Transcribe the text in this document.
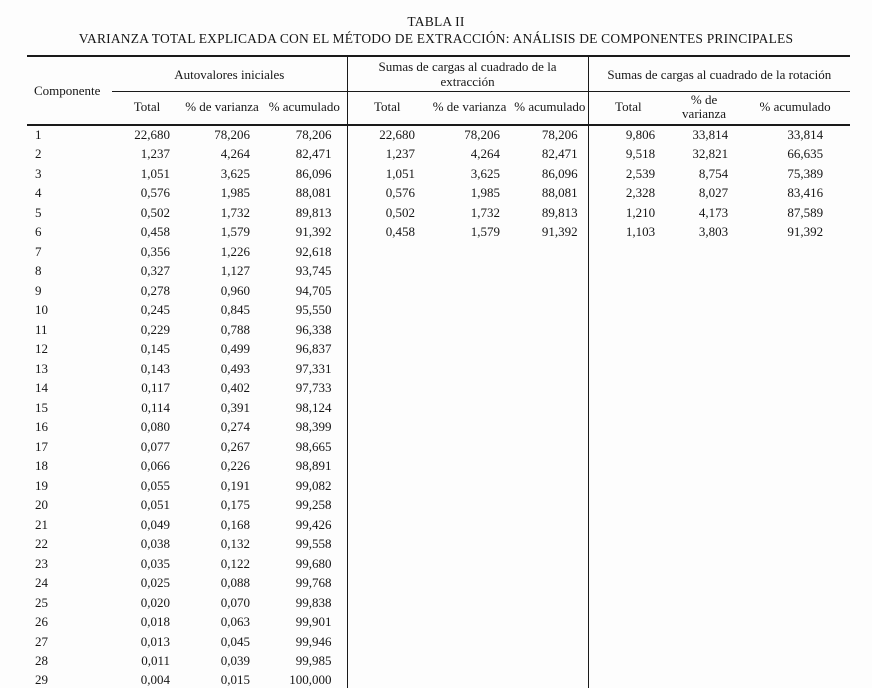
TABLA II
VARIANZA TOTAL EXPLICADA CON EL MÉTODO DE EXTRACCIÓN: ANÁLISIS DE COMPONENTES PRINCIPALES
Componente	Autovalores iniciales			Sumas de cargas al cuadrado de la extracción			Sumas de cargas al cuadrado de la rotación		
	Total	% de varianza	% acumulado	Total	% de varianza	% acumulado	Total	% de varianza	% acumulado
1	22,680	78,206	78,206	22,680	78,206	78,206	9,806	33,814	33,814
2	1,237	4,264	82,471	1,237	4,264	82,471	9,518	32,821	66,635
3	1,051	3,625	86,096	1,051	3,625	86,096	2,539	8,754	75,389
4	0,576	1,985	88,081	0,576	1,985	88,081	2,328	8,027	83,416
5	0,502	1,732	89,813	0,502	1,732	89,813	1,210	4,173	87,589
6	0,458	1,579	91,392	0,458	1,579	91,392	1,103	3,803	91,392
7	0,356	1,226	92,618						
8	0,327	1,127	93,745						
9	0,278	0,960	94,705						
10	0,245	0,845	95,550						
11	0,229	0,788	96,338						
12	0,145	0,499	96,837						
13	0,143	0,493	97,331						
14	0,117	0,402	97,733						
15	0,114	0,391	98,124						
16	0,080	0,274	98,399						
17	0,077	0,267	98,665						
18	0,066	0,226	98,891						
19	0,055	0,191	99,082						
20	0,051	0,175	99,258						
21	0,049	0,168	99,426						
22	0,038	0,132	99,558						
23	0,035	0,122	99,680						
24	0,025	0,088	99,768						
25	0,020	0,070	99,838						
26	0,018	0,063	99,901						
27	0,013	0,045	99,946						
28	0,011	0,039	99,985						
29	0,004	0,015	100,000						
